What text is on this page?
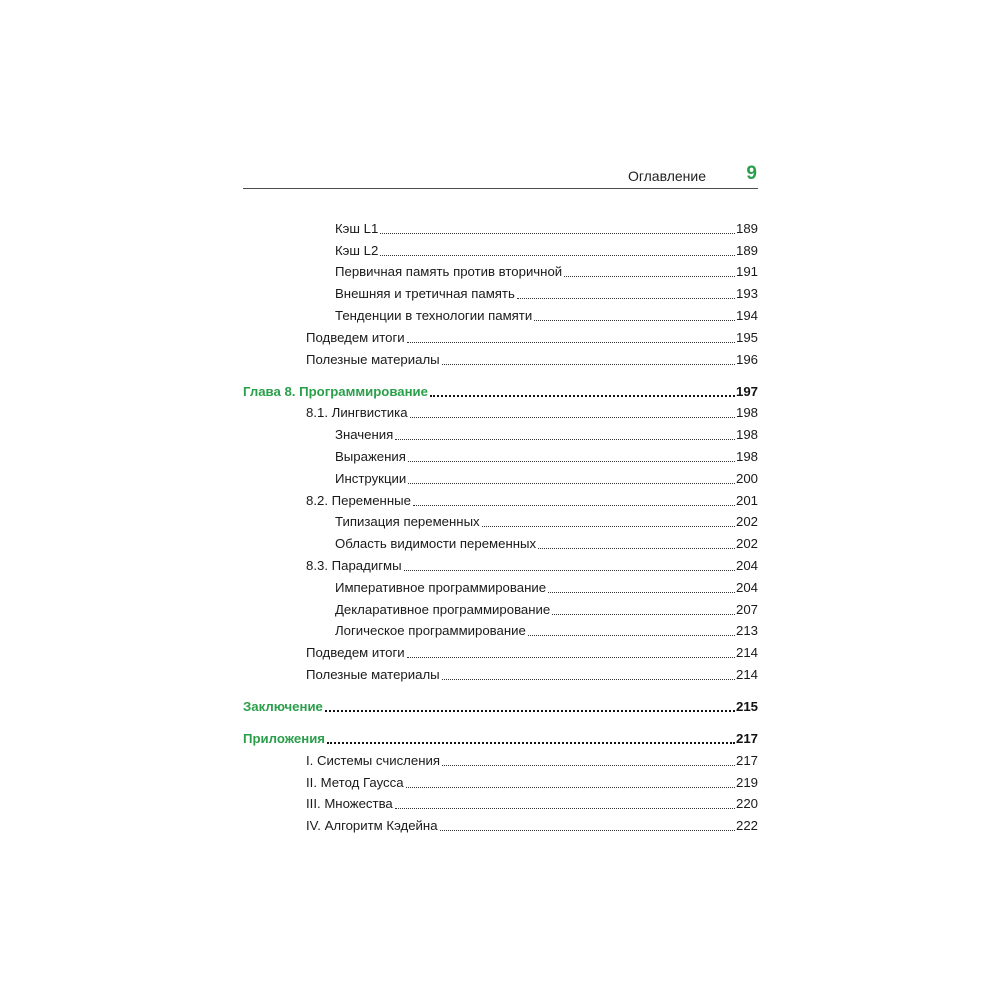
Оглавление 9
Кэш L1	189
Кэш L2	189
Первичная память против вторичной	191
Внешняя и третичная память	193
Тенденции в технологии памяти	194
Подведем итоги	195
Полезные материалы	196
Глава 8. Программирование	197
8.1. Лингвистика	198
Значения	198
Выражения	198
Инструкции	200
8.2. Переменные	201
Типизация переменных	202
Область видимости переменных	202
8.3. Парадигмы	204
Императивное программирование	204
Декларативное программирование	207
Логическое программирование	213
Подведем итоги	214
Полезные материалы	214
Заключение	215
Приложения	217
I. Системы счисления	217
II. Метод Гаусса	219
III. Множества	220
IV. Алгоритм Кэдейна	222
